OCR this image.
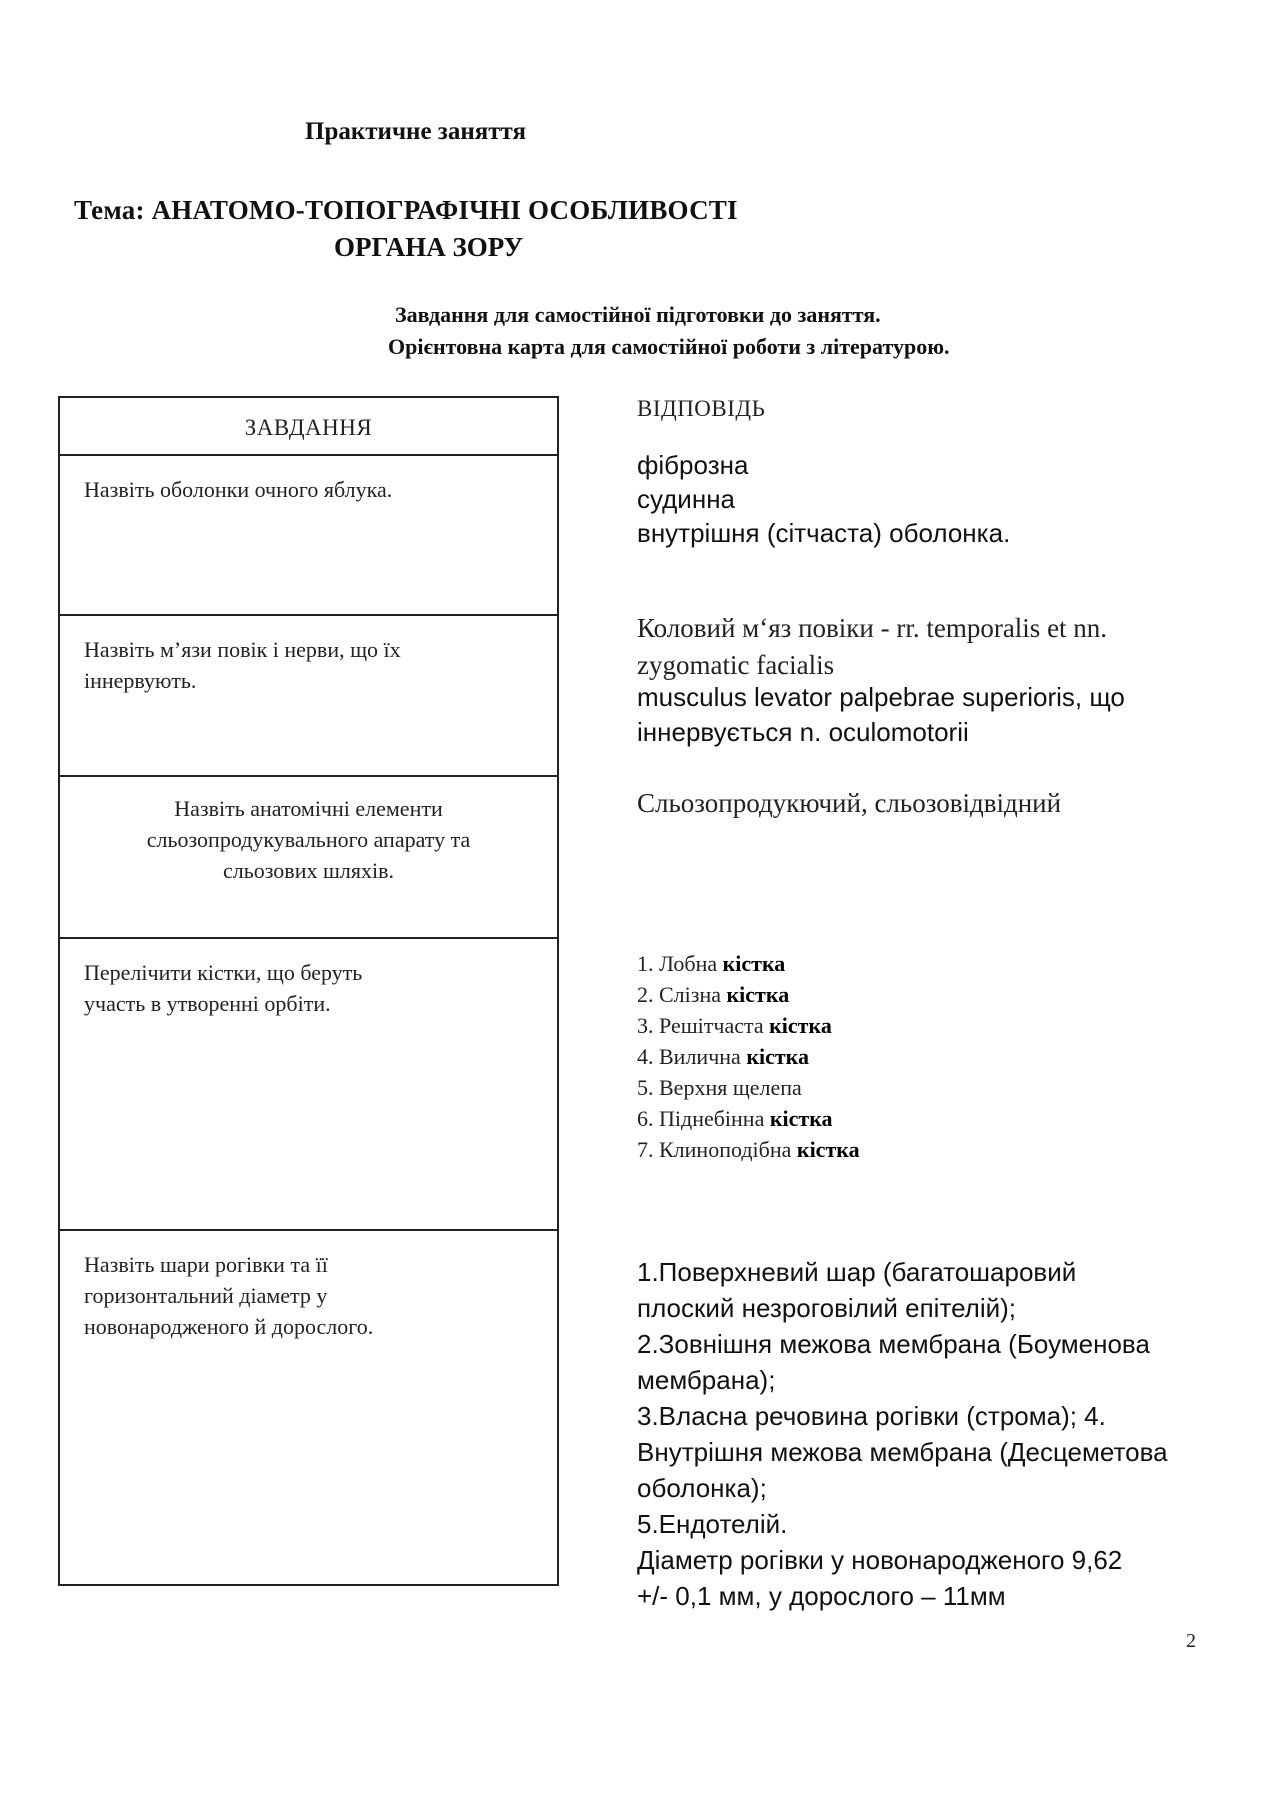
Практичне заняття
Тема: АНАТОМО-ТОПОГРАФІЧНІ ОСОБЛИВОСТІ
ОРГАНА ЗОРУ
Завдання для самостійної підготовки до заняття.
Орієнтовна карта для самостійної роботи з літературою.
ЗАВДАННЯ
Назвіть оболонки очного яблука.
Назвіть м’язи повік і нерви, що їх
іннервують.
Назвіть анатомічні елементи
сльозопродукувального апарату та
сльозових шляхів.
Перелічити кістки, що беруть
участь в утворенні орбіти.
Назвіть шари рогівки та її
горизонтальний діаметр у
новонародженого й дорослого.
ВІДПОВІДЬ
фіброзна
судинна
внутрішня (сітчаста) оболонка.
Коловий м‘яз повіки - rr. temporalis et nn.
zygomatic facialis
musculus levator palpebrae superioris, що
іннервується n. oculomotorii
Сльозопродукючий, сльозовідвідний
1. Лобна кістка
2. Слізна кістка
3. Решітчаста кістка
4. Вилична кістка
5. Верхня щелепа
6. Піднебінна кістка
7. Клиноподібна кістка
1.Поверхневий шар (багатошаровий
плоский незроговілий епітелій);
2.Зовнішня межова мембрана (Боуменова
мембрана);
3.Власна речовина рогівки (строма); 4.
Внутрішня межова мембрана (Десцеметова
оболонка);
5.Ендотелій.
Діаметр рогівки у новонародженого 9,62
+/- 0,1 мм, у дорослого – 11мм
2
